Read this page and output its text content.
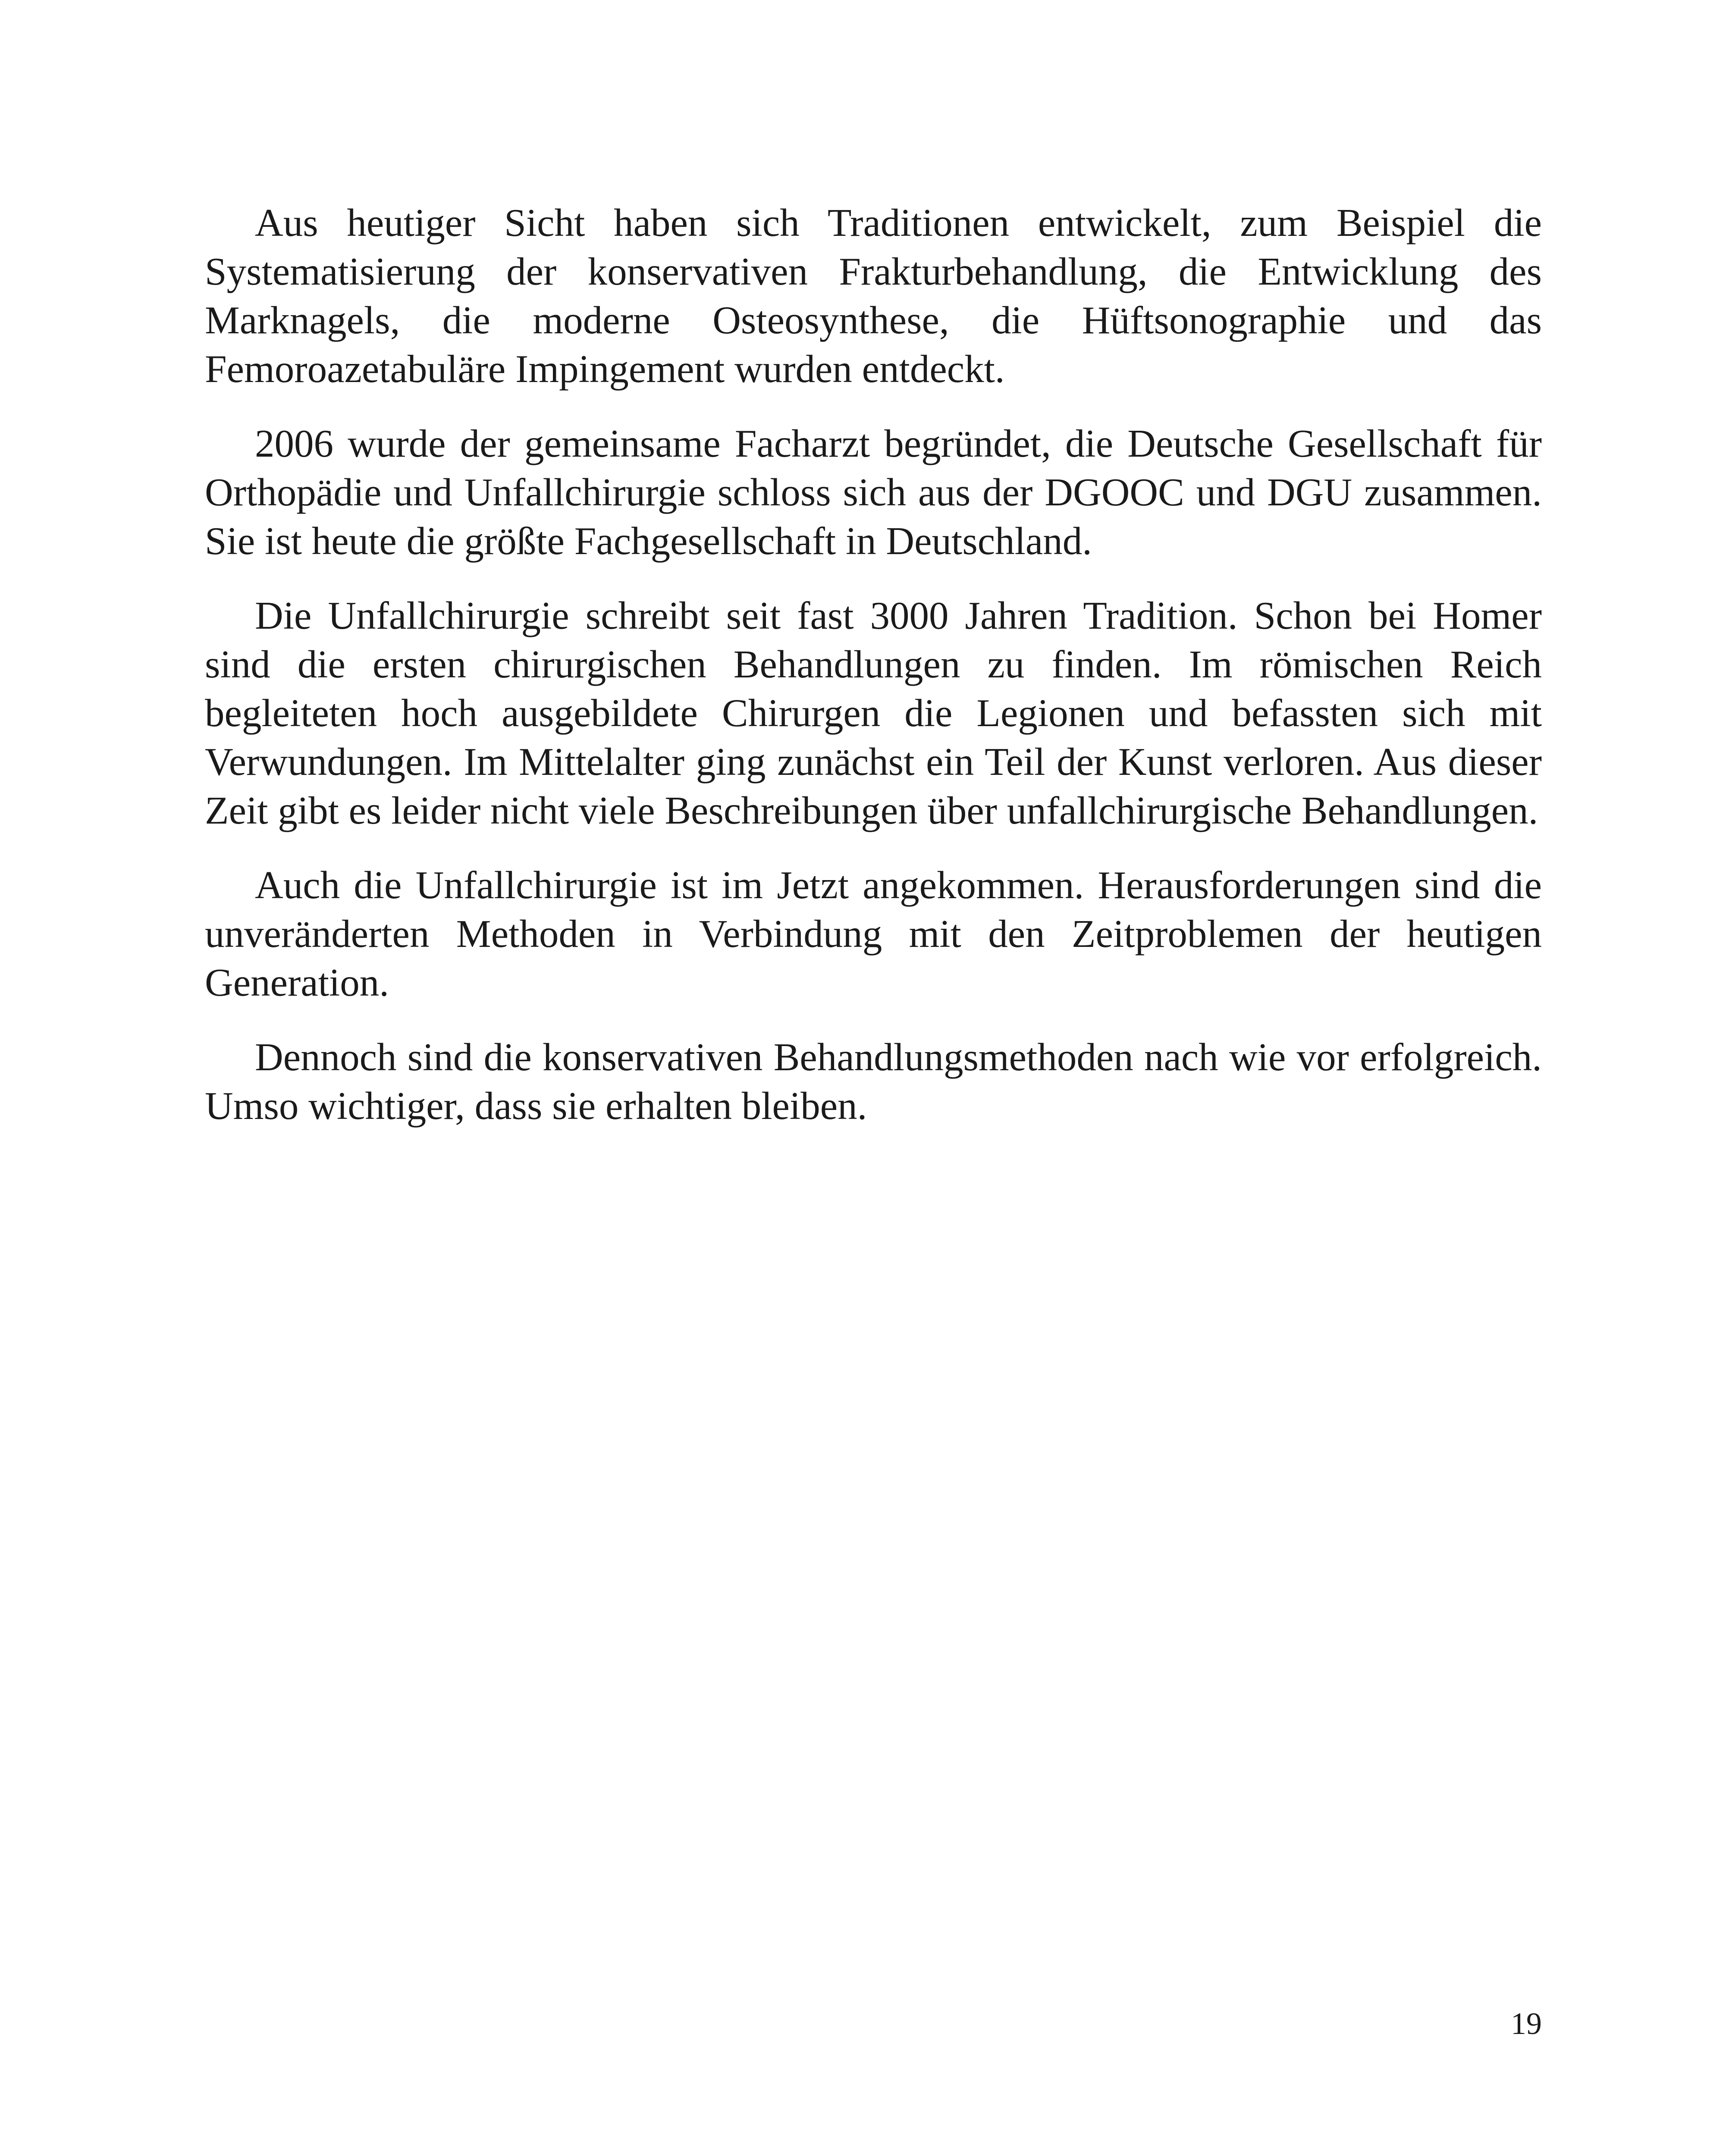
Aus heutiger Sicht haben sich Traditionen entwickelt, zum Beispiel die Systematisierung der konservativen Frakturbehandlung, die Entwicklung des Marknagels, die moderne Osteosynthese, die Hüftsonographie und das Femoroazetabuläre Impingement wurden entdeckt.

2006 wurde der gemeinsame Facharzt begründet, die Deutsche Gesellschaft für Orthopädie und Unfallchirurgie schloss sich aus der DGOOC und DGU zusammen. Sie ist heute die größte Fachgesellschaft in Deutschland.

Die Unfallchirurgie schreibt seit fast 3000 Jahren Tradition. Schon bei Homer sind die ersten chirurgischen Behandlungen zu finden. Im römischen Reich begleiteten hoch ausgebildete Chirurgen die Legionen und befassten sich mit Verwundungen. Im Mittelalter ging zunächst ein Teil der Kunst verloren. Aus dieser Zeit gibt es leider nicht viele Beschreibungen über unfallchirurgische Behandlungen.

Auch die Unfallchirurgie ist im Jetzt angekommen. Herausforderungen sind die unveränderten Methoden in Verbindung mit den Zeitproblemen der heutigen Generation.

Dennoch sind die konservativen Behandlungsmethoden nach wie vor erfolgreich. Umso wichtiger, dass sie erhalten bleiben.

19
